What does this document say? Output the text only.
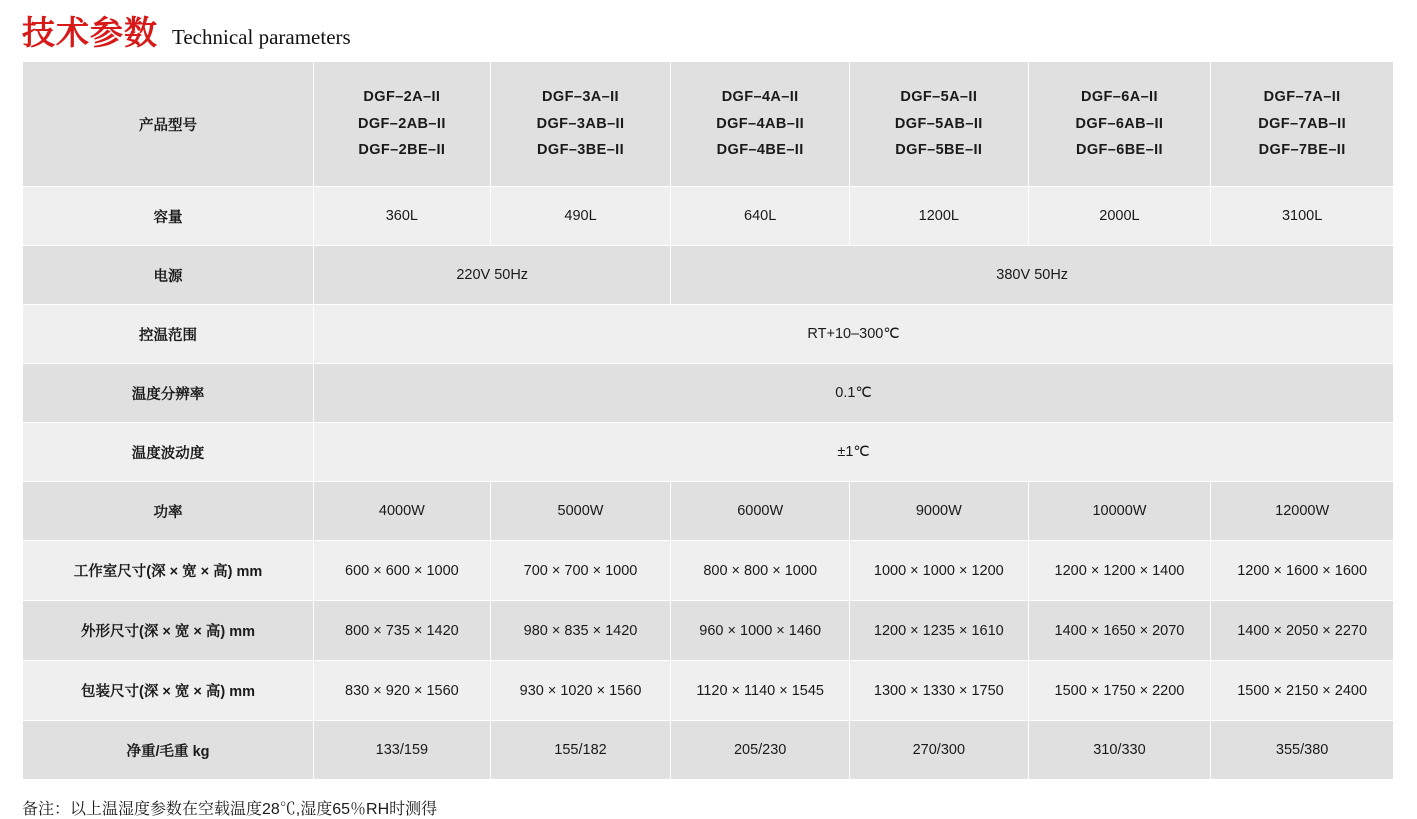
技术参数 Technical parameters
产品型号	DGF–2A–II
DGF–2AB–II
DGF–2BE–II	DGF–3A–II
DGF–3AB–II
DGF–3BE–II	DGF–4A–II
DGF–4AB–II
DGF–4BE–II	DGF–5A–II
DGF–5AB–II
DGF–5BE–II	DGF–6A–II
DGF–6AB–II
DGF–6BE–II	DGF–7A–II
DGF–7AB–II
DGF–7BE–II
容量	360L	490L	640L	1200L	2000L	3100L
电源	220V 50Hz		380V 50Hz			
控温范围	RT+10–300℃					
温度分辨率	0.1℃					
温度波动度	±1℃					
功率	4000W	5000W	6000W	9000W	10000W	12000W
工作室尺寸(深 × 宽 × 高) mm	600 × 600 × 1000	700 × 700 × 1000	800 × 800 × 1000	1000 × 1000 × 1200	1200 × 1200 × 1400	1200 × 1600 × 1600
外形尺寸(深 × 宽 × 高) mm	800 × 735 × 1420	980 × 835 × 1420	960 × 1000 × 1460	1200 × 1235 × 1610	1400 × 1650 × 2070	1400 × 2050 × 2270
包装尺寸(深 × 宽 × 高) mm	830 × 920 × 1560	930 × 1020 × 1560	1120 × 1140 × 1545	1300 × 1330 × 1750	1500 × 1750 × 2200	1500 × 2150 × 2400
净重/毛重 kg	133/159	155/182	205/230	270/300	310/330	355/380
备注：以上温湿度参数在空载温度28℃,湿度65％RH时测得
